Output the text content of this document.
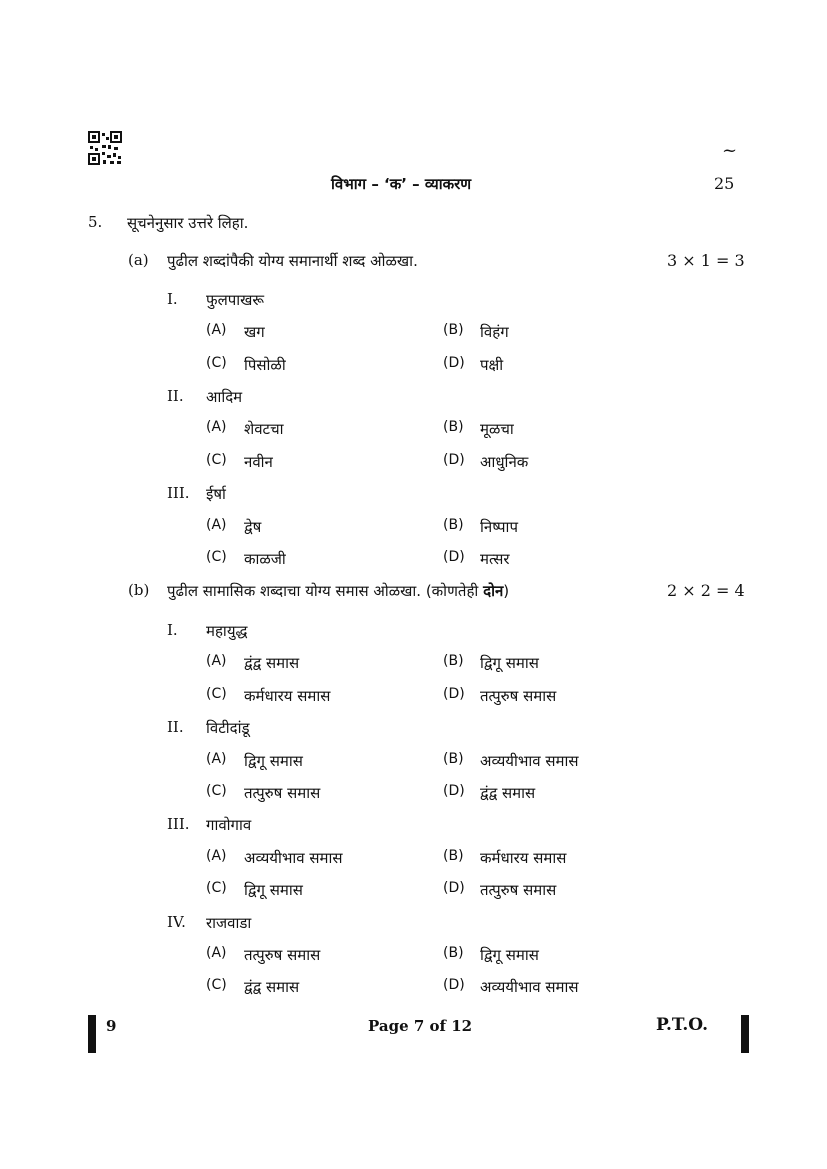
~
विभाग – ‘क’ – व्याकरण	25
5. सूचनेनुसार उत्तरे लिहा.
(a) पुढील शब्दांपैकी योग्य समानार्थी शब्द ओळखा.	3 × 1 = 3
I. फुलपाखरू
(A) खग	(B) विहंग
(C) पिसोळी	(D) पक्षी
II. आदिम
(A) शेवटचा	(B) मूळचा
(C) नवीन	(D) आधुनिक
III. ईर्षा
(A) द्वेष	(B) निष्पाप
(C) काळजी	(D) मत्सर
(b) पुढील सामासिक शब्दाचा योग्य समास ओळखा. (कोणतेही दोन)	2 × 2 = 4
I. महायुद्ध
(A) द्वंद्व समास	(B) द्विगू समास
(C) कर्मधारय समास	(D) तत्पुरुष समास
II. विटीदांडू
(A) द्विगू समास	(B) अव्ययीभाव समास
(C) तत्पुरुष समास	(D) द्वंद्व समास
III. गावोगाव
(A) अव्ययीभाव समास	(B) कर्मधारय समास
(C) द्विगू समास	(D) तत्पुरुष समास
IV. राजवाडा
(A) तत्पुरुष समास	(B) द्विगू समास
(C) द्वंद्व समास	(D) अव्ययीभाव समास
9	Page 7 of 12	P.T.O.
